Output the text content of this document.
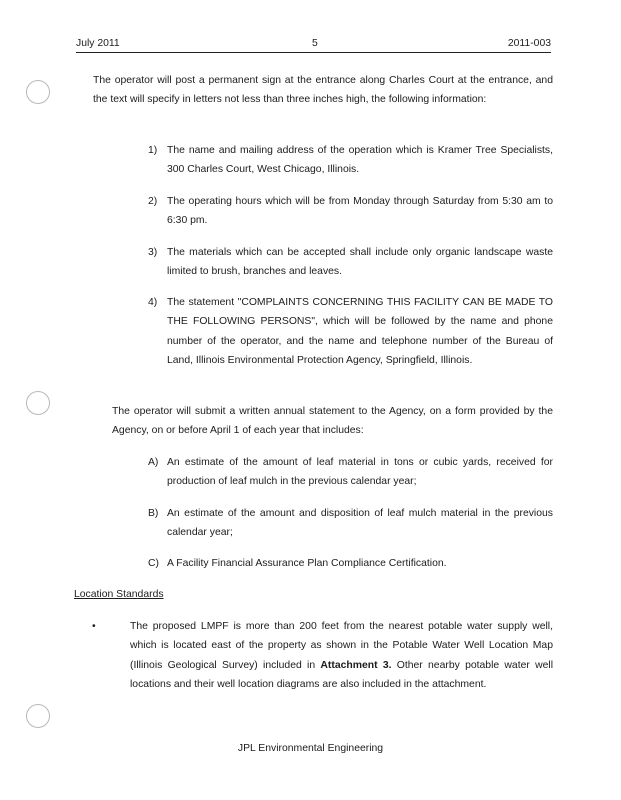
July 2011	5	2011-003

The operator will post a permanent sign at the entrance along Charles Court at the entrance, and the text will specify in letters not less than three inches high, the following information:

1) The name and mailing address of the operation which is Kramer Tree Specialists, 300 Charles Court, West Chicago, Illinois.

2) The operating hours which will be from Monday through Saturday from 5:30 am to 6:30 pm.

3) The materials which can be accepted shall include only organic landscape waste limited to brush, branches and leaves.

4) The statement "COMPLAINTS CONCERNING THIS FACILITY CAN BE MADE TO THE FOLLOWING PERSONS", which will be followed by the name and phone number of the operator, and the name and telephone number of the Bureau of Land, Illinois Environmental Protection Agency, Springfield, Illinois.

The operator will submit a written annual statement to the Agency, on a form provided by the Agency, on or before April 1 of each year that includes:

A) An estimate of the amount of leaf material in tons or cubic yards, received for production of leaf mulch in the previous calendar year;

B) An estimate of the amount and disposition of leaf mulch material in the previous calendar year;

C) A Facility Financial Assurance Plan Compliance Certification.

Location Standards
•	The proposed LMPF is more than 200 feet from the nearest potable water supply well, which is located east of the property as shown in the Potable Water Well Location Map (Illinois Geological Survey) included in Attachment 3. Other nearby potable water well locations and their well location diagrams are also included in the attachment.

JPL Environmental Engineering
